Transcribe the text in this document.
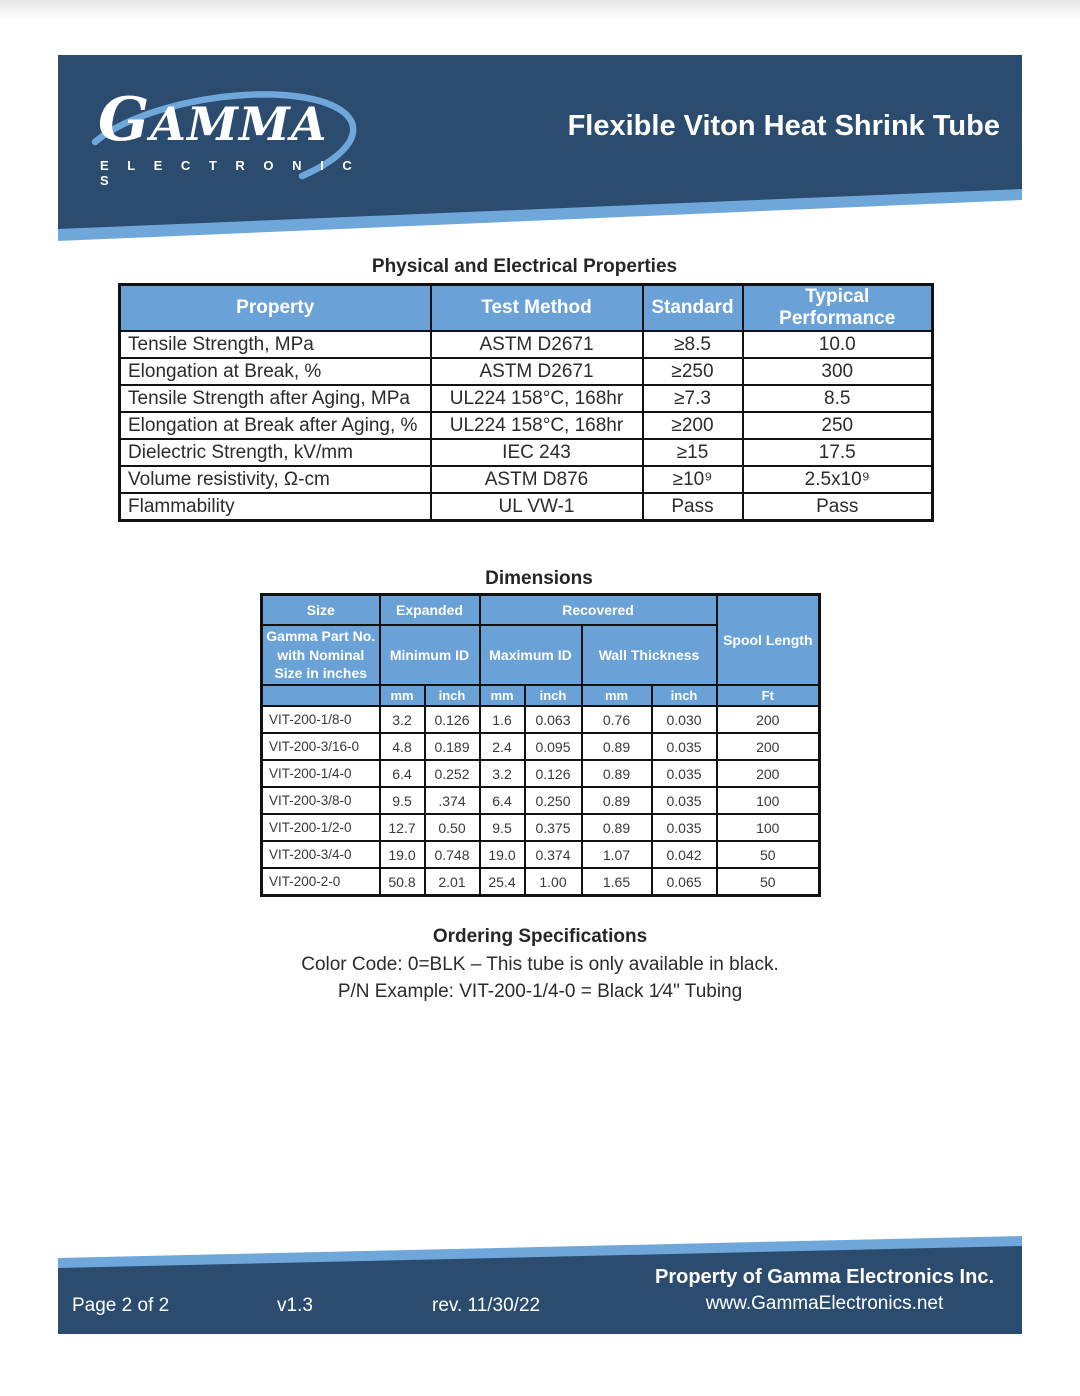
GAMMA
E L E C T R O N I C S
Flexible Viton Heat Shrink Tube
Physical and Electrical Properties
Property	Test Method	Standard	Typical Performance
Tensile Strength, MPa	ASTM D2671	≥8.5	10.0
Elongation at Break, %	ASTM D2671	≥250	300
Tensile Strength after Aging, MPa	UL224 158°C, 168hr	≥7.3	8.5
Elongation at Break after Aging, %	UL224 158°C, 168hr	≥200	250
Dielectric Strength, kV/mm	IEC 243	≥15	17.5
Volume resistivity, Ω-cm	ASTM D876	≥10⁹	2.5x10⁹
Flammability	UL VW-1	Pass	Pass
Dimensions
Size	Expanded		Recovered				Spool Length
Gamma Part No. with Nominal Size in inches	Minimum ID		Maximum ID		Wall Thickness		
	mm	inch	mm	inch	mm	inch	Ft
VIT-200-1/8-0	3.2	0.126	1.6	0.063	0.76	0.030	200
VIT-200-3/16-0	4.8	0.189	2.4	0.095	0.89	0.035	200
VIT-200-1/4-0	6.4	0.252	3.2	0.126	0.89	0.035	200
VIT-200-3/8-0	9.5	.374	6.4	0.250	0.89	0.035	100
VIT-200-1/2-0	12.7	0.50	9.5	0.375	0.89	0.035	100
VIT-200-3/4-0	19.0	0.748	19.0	0.374	1.07	0.042	50
VIT-200-2-0	50.8	2.01	25.4	1.00	1.65	0.065	50
Ordering Specifications
Color Code: 0=BLK – This tube is only available in black.
P/N Example: VIT-200-1/4-0 = Black 1⁄4" Tubing
Page 2 of 2	v1.3	rev. 11/30/22
Property of Gamma Electronics Inc.
www.GammaElectronics.net
